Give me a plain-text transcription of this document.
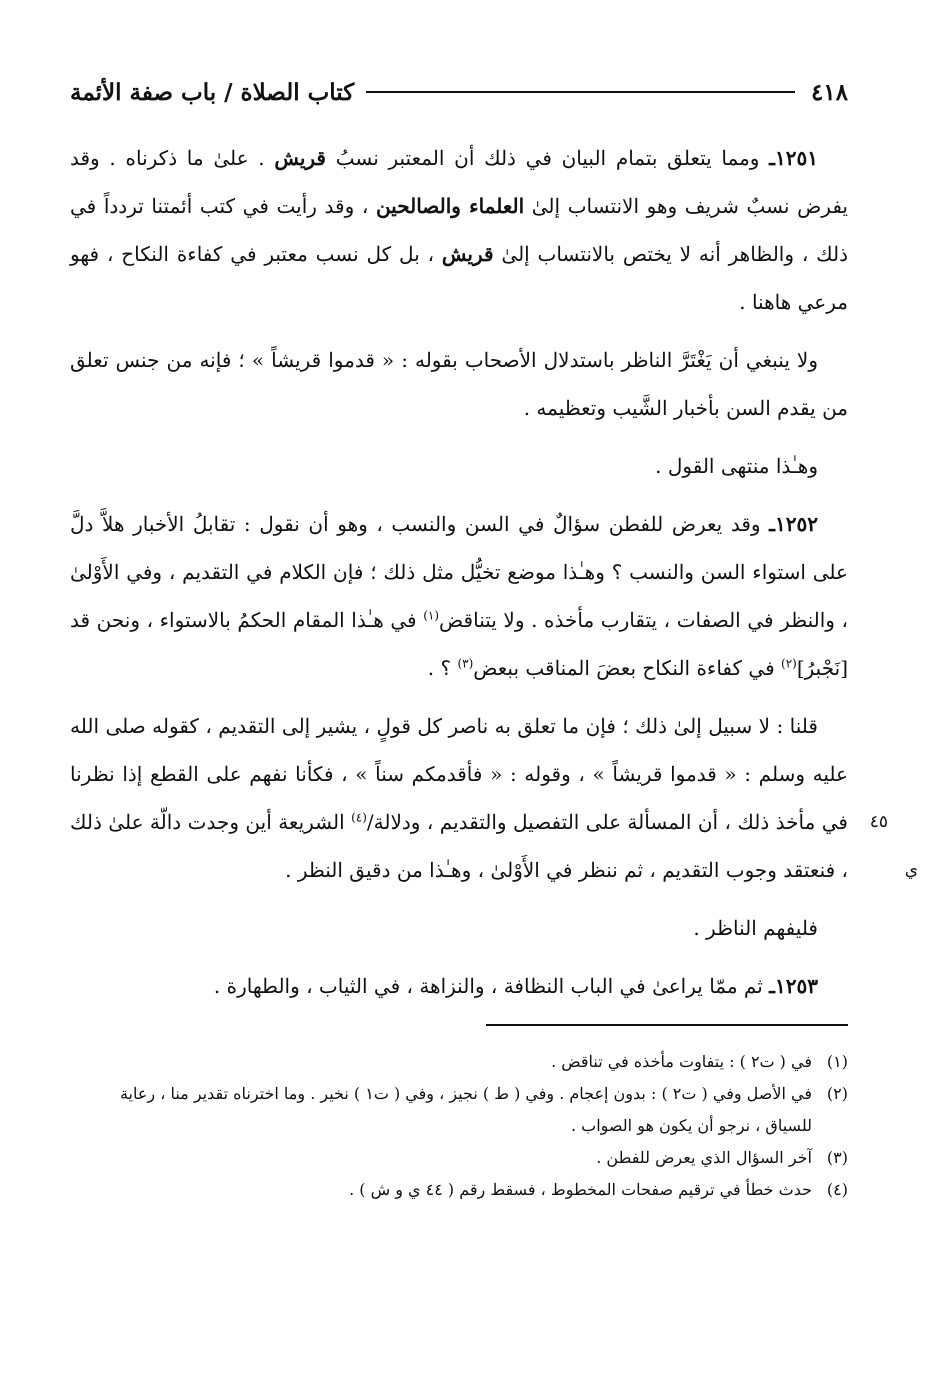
٤١٨
كتاب الصلاة / باب صفة الأئمة

١٢٥١ـ ومما يتعلق بتمام البيان في ذلك أن المعتبر نسبُ قريش . علىٰ ما ذكرناه . وقد يفرض نسبٌ شريف وهو الانتساب إلىٰ العلماء والصالحين ، وقد رأيت في كتب أئمتنا تردداً في ذلك ، والظاهر أنه لا يختص بالانتساب إلىٰ قريش ، بل كل نسب معتبر في كفاءة النكاح ، فهو مرعي هاهنا .

ولا ينبغي أن يَغْتَرَّ الناظر باستدلال الأصحاب بقوله : « قدموا قريشاً » ؛ فإنه من جنس تعلق من يقدم السن بأخبار الشَّيب وتعظيمه .

وهـٰذا منتهى القول .

١٢٥٢ـ وقد يعرض للفطن سؤالٌ في السن والنسب ، وهو أن نقول : تقابلُ الأخبار هلاَّ دلَّ على استواء السن والنسب ؟ وهـٰذا موضع تخيُّل مثل ذلك ؛ فإن الكلام في التقديم ، وفي الأَوْلىٰ ، والنظر في الصفات ، يتقارب مأخذه . ولا يتناقض$^{(١)}$ في هـٰذا المقام الحكمُ بالاستواء ، ونحن قد [نَجْبرُ]$^{(٢)}$ في كفاءة النكاح بعضَ المناقب ببعض$^{(٣)}$ ؟ .

٤٥ ي
قلنا : لا سبيل إلىٰ ذلك ؛ فإن ما تعلق به ناصر كل قولٍ ، يشير إلى التقديم ، كقوله صلى الله عليه وسلم : « قدموا قريشاً » ، وقوله : « فأقدمكم سناً » ، فكأنا نفهم على القطع إذا نظرنا في مأخذ ذلك ، أن المسألة على التفصيل والتقديم ، ودلالة/$^{(٤)}$ الشريعة أين وجدت دالّة علىٰ ذلك ، فنعتقد وجوب التقديم ، ثم ننظر في الأَوْلىٰ ، وهـٰذا من دقيق النظر .

فليفهم الناظر .

١٢٥٣ـ ثم ممّا يراعىٰ في الباب النظافة ، والنزاهة ، في الثياب ، والطهارة .

(١)
في ( ت٢ ) : يتفاوت مأخذه في تناقض .
(٢)
في الأصل وفي ( ت٢ ) : بدون إعجام . وفي ( ط ) نجيز ، وفي ( ت١ ) نخير . وما اخترناه تقدير منا ، رعاية للسياق ، نرجو أن يكون هو الصواب .
(٣)
آخر السؤال الذي يعرض للفطن .
(٤)
حدث خطأ في ترقيم صفحات المخطوط ، فسقط رقم ( ٤٤ ي و ش ) .
